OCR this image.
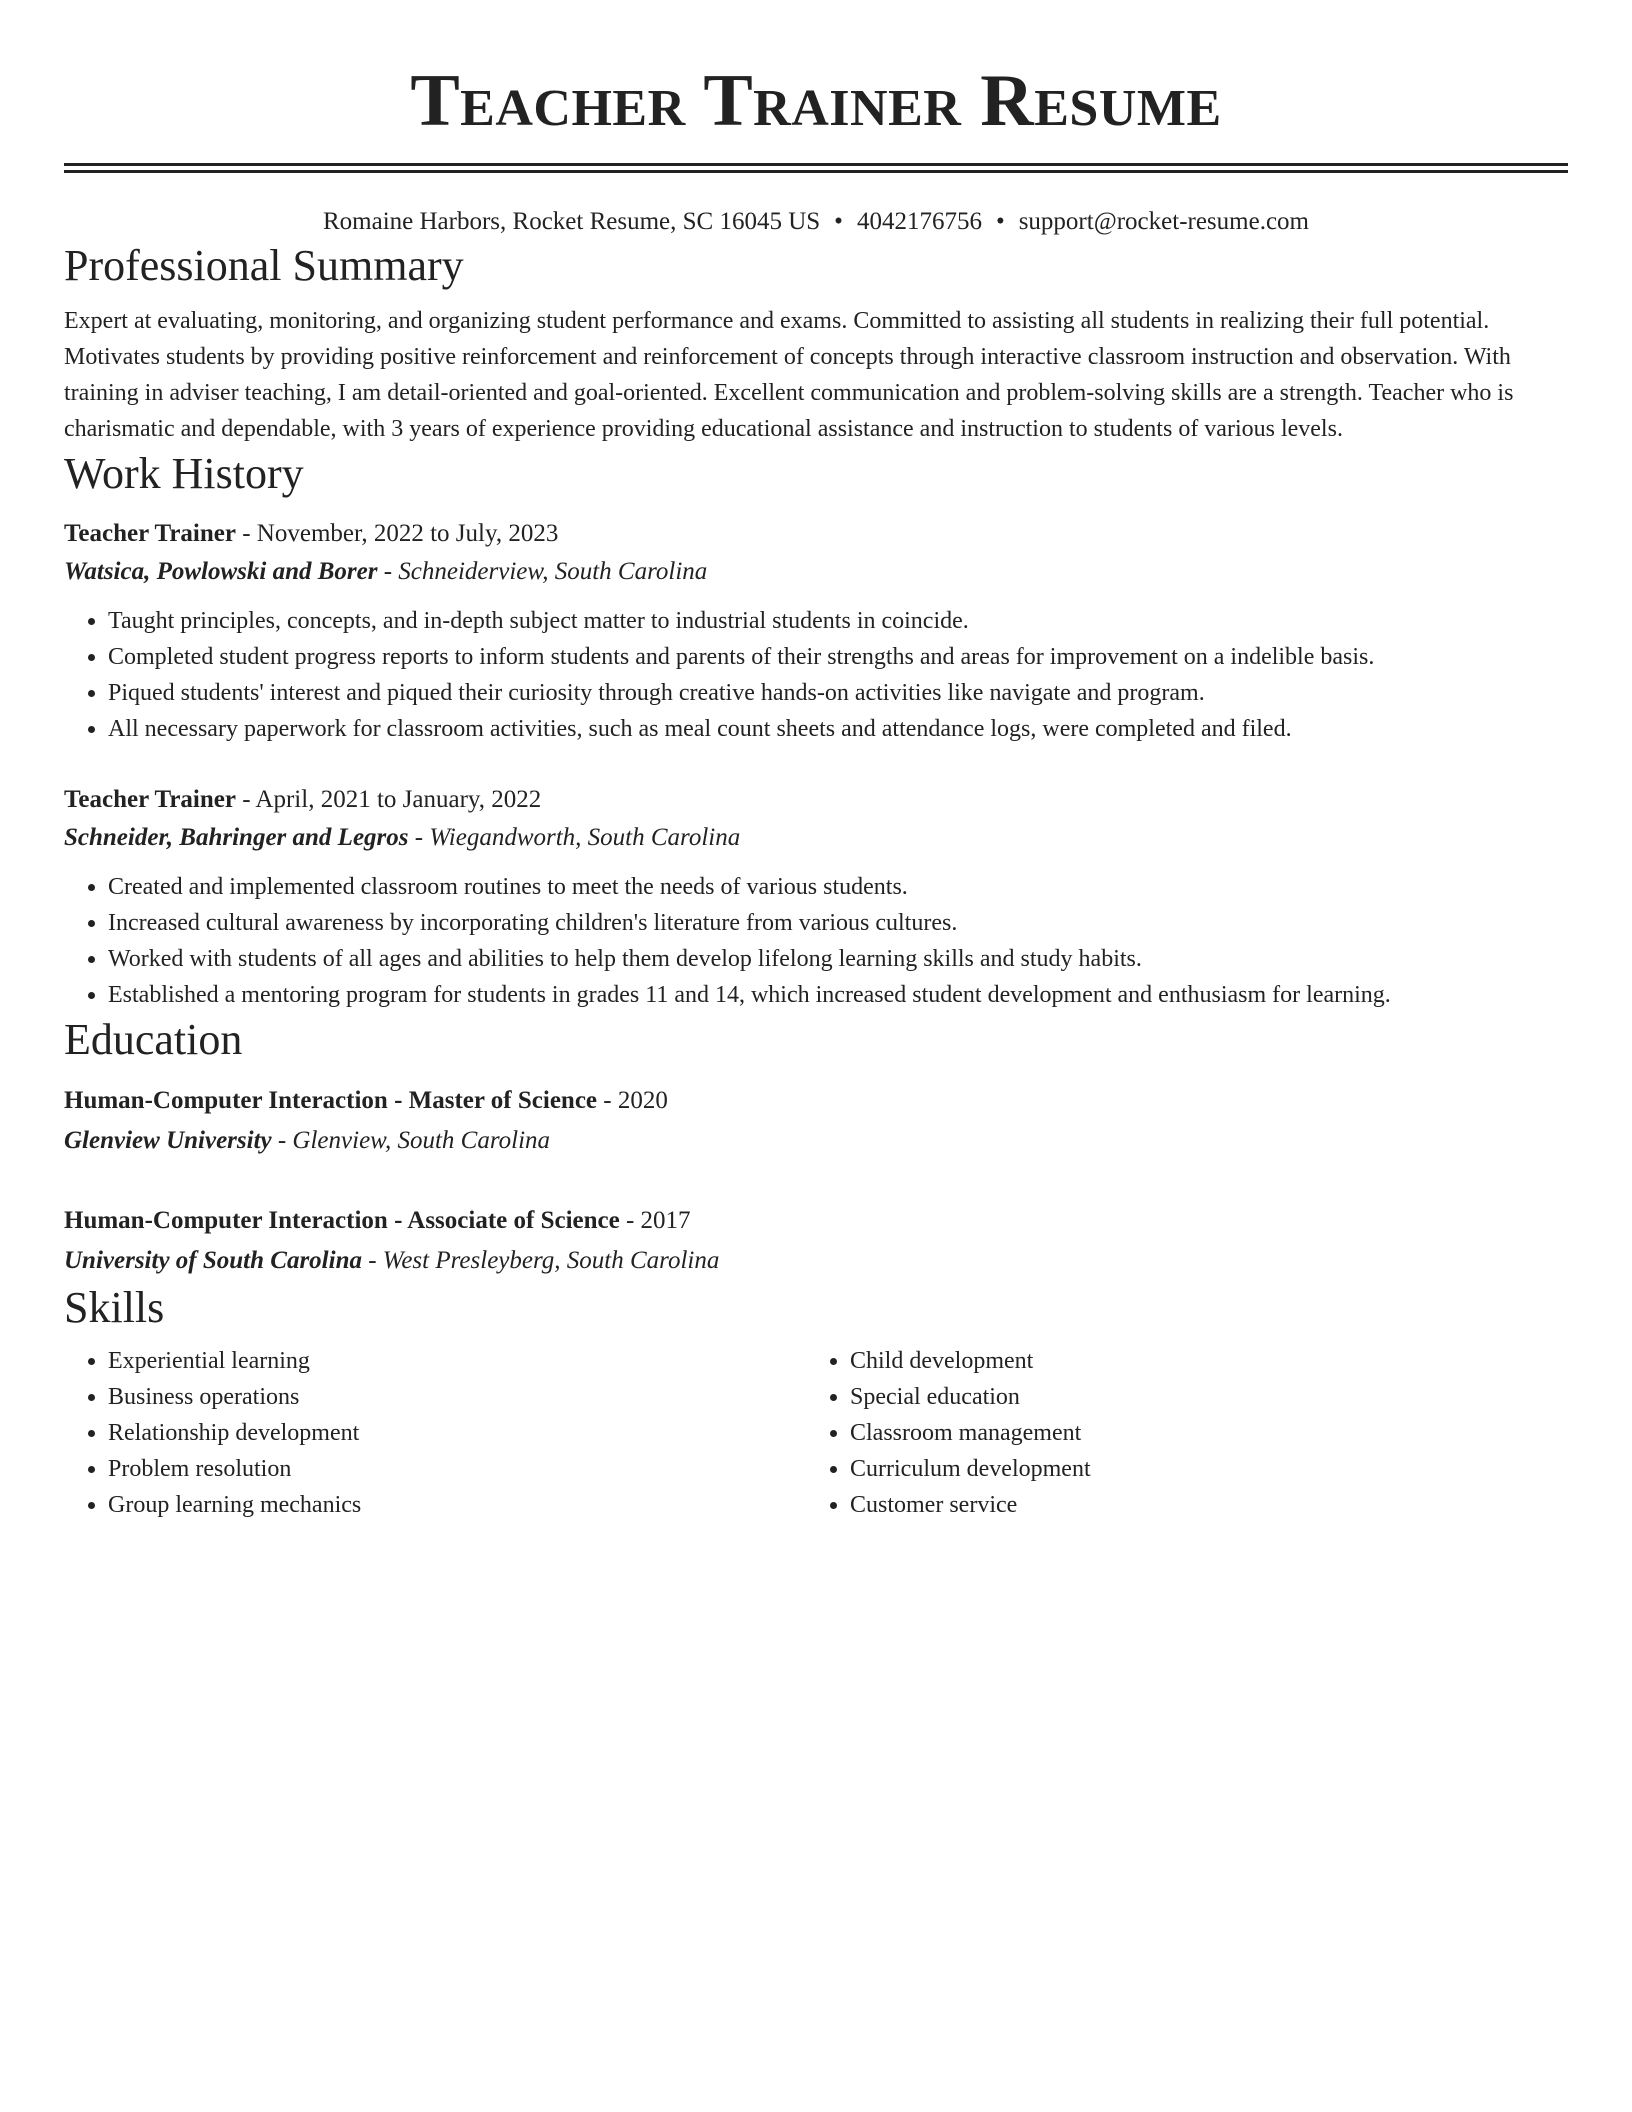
Teacher Trainer Resume
Romaine Harbors, Rocket Resume, SC 16045 US • 4042176756 • support@rocket-resume.com
Professional Summary
Expert at evaluating, monitoring, and organizing student performance and exams. Committed to assisting all students in realizing their full potential. Motivates students by providing positive reinforcement and reinforcement of concepts through interactive classroom instruction and observation. With training in adviser teaching, I am detail-oriented and goal-oriented. Excellent communication and problem-solving skills are a strength. Teacher who is charismatic and dependable, with 3 years of experience providing educational assistance and instruction to students of various levels.
Work History
Teacher Trainer - November, 2022 to July, 2023
Watsica, Powlowski and Borer - Schneiderview, South Carolina
• Taught principles, concepts, and in-depth subject matter to industrial students in coincide.
• Completed student progress reports to inform students and parents of their strengths and areas for improvement on a indelible basis.
• Piqued students' interest and piqued their curiosity through creative hands-on activities like navigate and program.
• All necessary paperwork for classroom activities, such as meal count sheets and attendance logs, were completed and filed.
Teacher Trainer - April, 2021 to January, 2022
Schneider, Bahringer and Legros - Wiegandworth, South Carolina
• Created and implemented classroom routines to meet the needs of various students.
• Increased cultural awareness by incorporating children's literature from various cultures.
• Worked with students of all ages and abilities to help them develop lifelong learning skills and study habits.
• Established a mentoring program for students in grades 11 and 14, which increased student development and enthusiasm for learning.
Education
Human-Computer Interaction - Master of Science - 2020
Glenview University - Glenview, South Carolina
Human-Computer Interaction - Associate of Science - 2017
University of South Carolina - West Presleyberg, South Carolina
Skills
• Experiential learning
• Business operations
• Relationship development
• Problem resolution
• Group learning mechanics
• Child development
• Special education
• Classroom management
• Curriculum development
• Customer service
